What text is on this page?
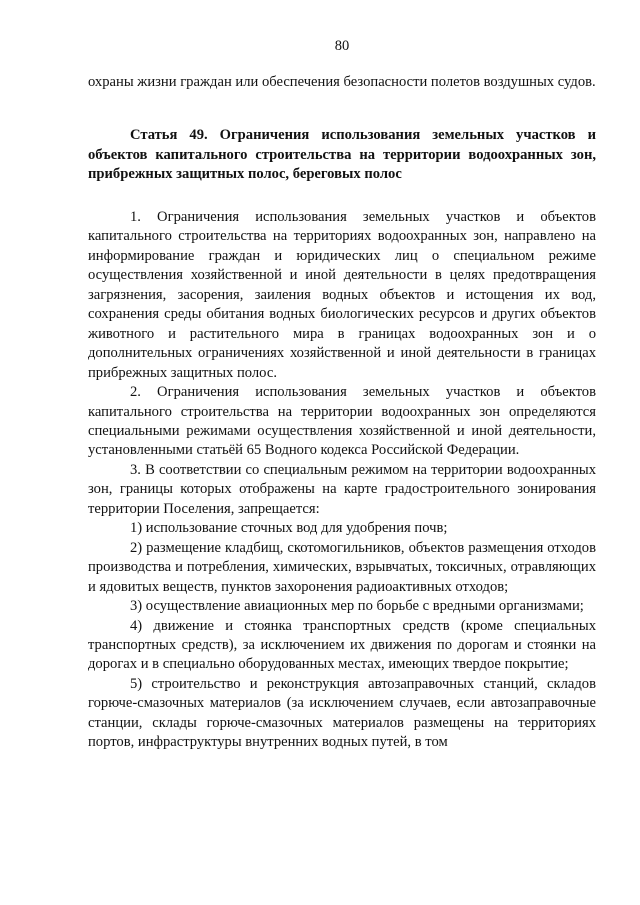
80
охраны жизни граждан или обеспечения безопасности полетов воздушных судов.
Статья 49. Ограничения использования земельных участков и объектов капитального строительства на территории водоохранных зон, прибрежных защитных полос, береговых полос

1. Ограничения использования земельных участков и объектов капитального строительства на территориях водоохранных зон, направлено на информирование граждан и юридических лиц о специальном режиме осуществления хозяйственной и иной деятельности в целях предотвращения загрязнения, засорения, заиления водных объектов и истощения их вод, сохранения среды обитания водных биологических ресурсов и других объектов животного и растительного мира в границах водоохранных зон и о дополнительных ограничениях хозяйственной и иной деятельности в границах прибрежных защитных полос.

2. Ограничения использования земельных участков и объектов капитального строительства на территории водоохранных зон определяются специальными режимами осуществления хозяйственной и иной деятельности, установленными статьёй 65 Водного кодекса Российской Федерации.

3. В соответствии со специальным режимом на территории водоохранных зон, границы которых отображены на карте градостроительного зонирования территории Поселения, запрещается:

1) использование сточных вод для удобрения почв;

2) размещение кладбищ, скотомогильников, объектов размещения отходов производства и потребления, химических, взрывчатых, токсичных, отравляющих и ядовитых веществ, пунктов захоронения радиоактивных отходов;

3) осуществление авиационных мер по борьбе с вредными организмами;

4) движение и стоянка транспортных средств (кроме специальных транспортных средств), за исключением их движения по дорогам и стоянки на дорогах и в специально оборудованных местах, имеющих твердое покрытие;

5) строительство и реконструкция автозаправочных станций, складов горюче-смазочных материалов (за исключением случаев, если автозаправочные станции, склады горюче-смазочных материалов размещены на территориях портов, инфраструктуры внутренних водных путей, в том
